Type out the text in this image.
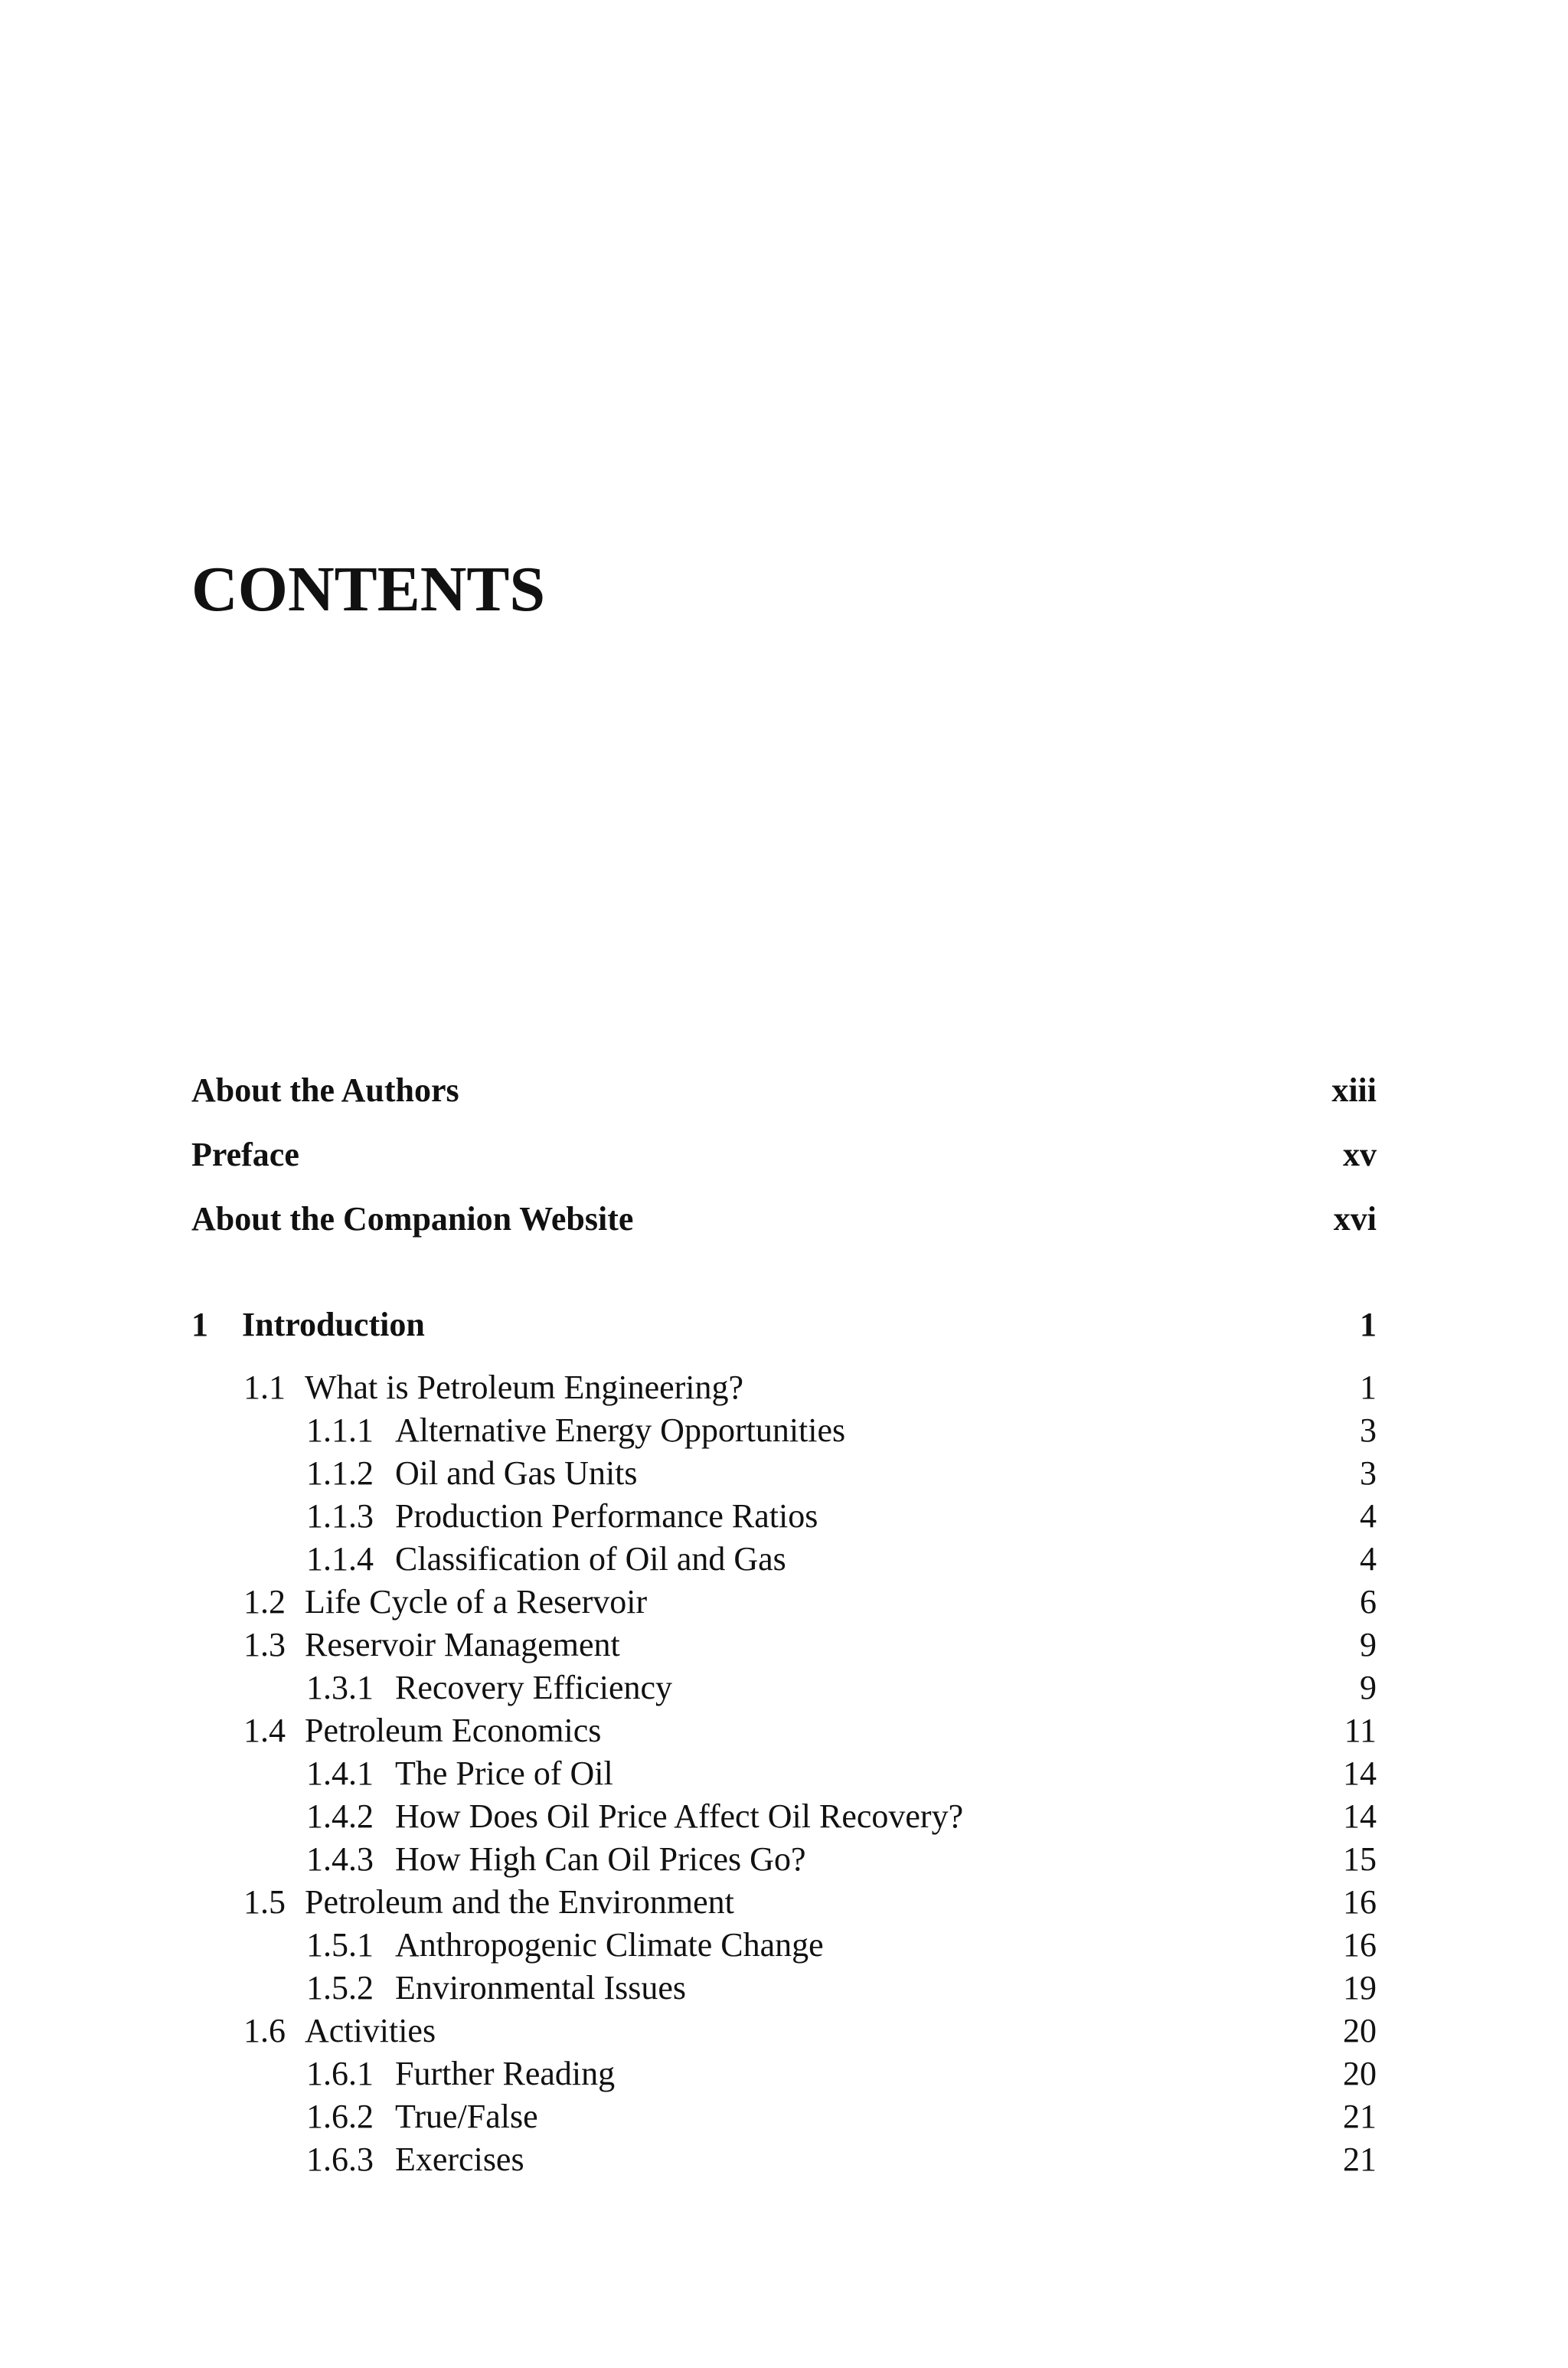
CONTENTS
About the Authors	xiii
Preface	xv
About the Companion Website	xvi
1 Introduction	1
1.1 What is Petroleum Engineering?	1
1.1.1 Alternative Energy Opportunities	3
1.1.2 Oil and Gas Units	3
1.1.3 Production Performance Ratios	4
1.1.4 Classification of Oil and Gas	4
1.2 Life Cycle of a Reservoir	6
1.3 Reservoir Management	9
1.3.1 Recovery Efficiency	9
1.4 Petroleum Economics	11
1.4.1 The Price of Oil	14
1.4.2 How Does Oil Price Affect Oil Recovery?	14
1.4.3 How High Can Oil Prices Go?	15
1.5 Petroleum and the Environment	16
1.5.1 Anthropogenic Climate Change	16
1.5.2 Environmental Issues	19
1.6 Activities	20
1.6.1 Further Reading	20
1.6.2 True/False	21
1.6.3 Exercises	21
